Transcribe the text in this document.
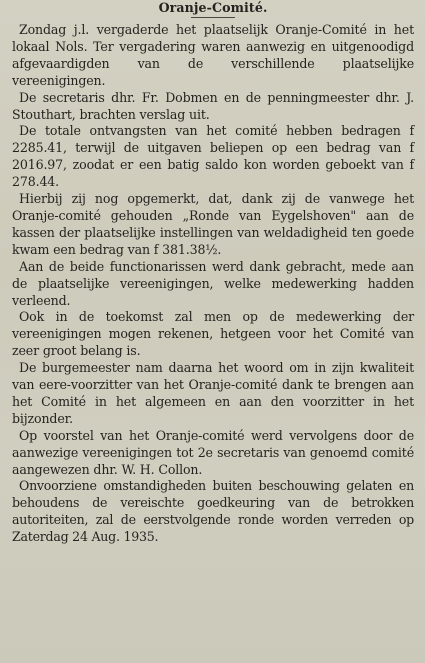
Oranje-Comité.

Zondag j.l. vergaderde het plaatselijk Oranje-Comité in het lokaal Nols. Ter vergadering waren aanwezig en uitgenoodigd afgevaardigden van de verschillende plaatselijke vereenigingen.

De secretaris dhr. Fr. Dobmen en de penningmeester dhr. J. Stouthart, brachten verslag uit.

De totale ontvangsten van het comité hebben bedragen f 2285.41, terwijl de uitgaven beliepen op een bedrag van f 2016.97, zoodat er een batig saldo kon worden geboekt van f 278.44.

Hierbij zij nog opgemerkt, dat, dank zij de vanwege het Oranje-comité gehouden „Ronde van Eygelshoven" aan de kassen der plaatselijke instellingen van weldadigheid ten goede kwam een bedrag van f 381.38½.

Aan de beide functionarissen werd dank gebracht, mede aan de plaatselijke vereenigingen, welke medewerking hadden verleend.

Ook in de toekomst zal men op de medewerking der vereenigingen mogen rekenen, hetgeen voor het Comité van zeer groot belang is.

De burgemeester nam daarna het woord om in zijn kwaliteit van eere-voorzitter van het Oranje-comité dank te brengen aan het Comité in het algemeen en aan den voorzitter in het bijzonder.

Op voorstel van het Oranje-comité werd vervolgens door de aanwezige vereenigingen tot 2e secretaris van genoemd comité aangewezen dhr. W. H. Collon.

Onvoorziene omstandigheden buiten beschouwing gelaten en behoudens de vereischte goedkeuring van de betrokken autoriteiten, zal de eerstvolgende ronde worden verreden op Zaterdag 24 Aug. 1935.
